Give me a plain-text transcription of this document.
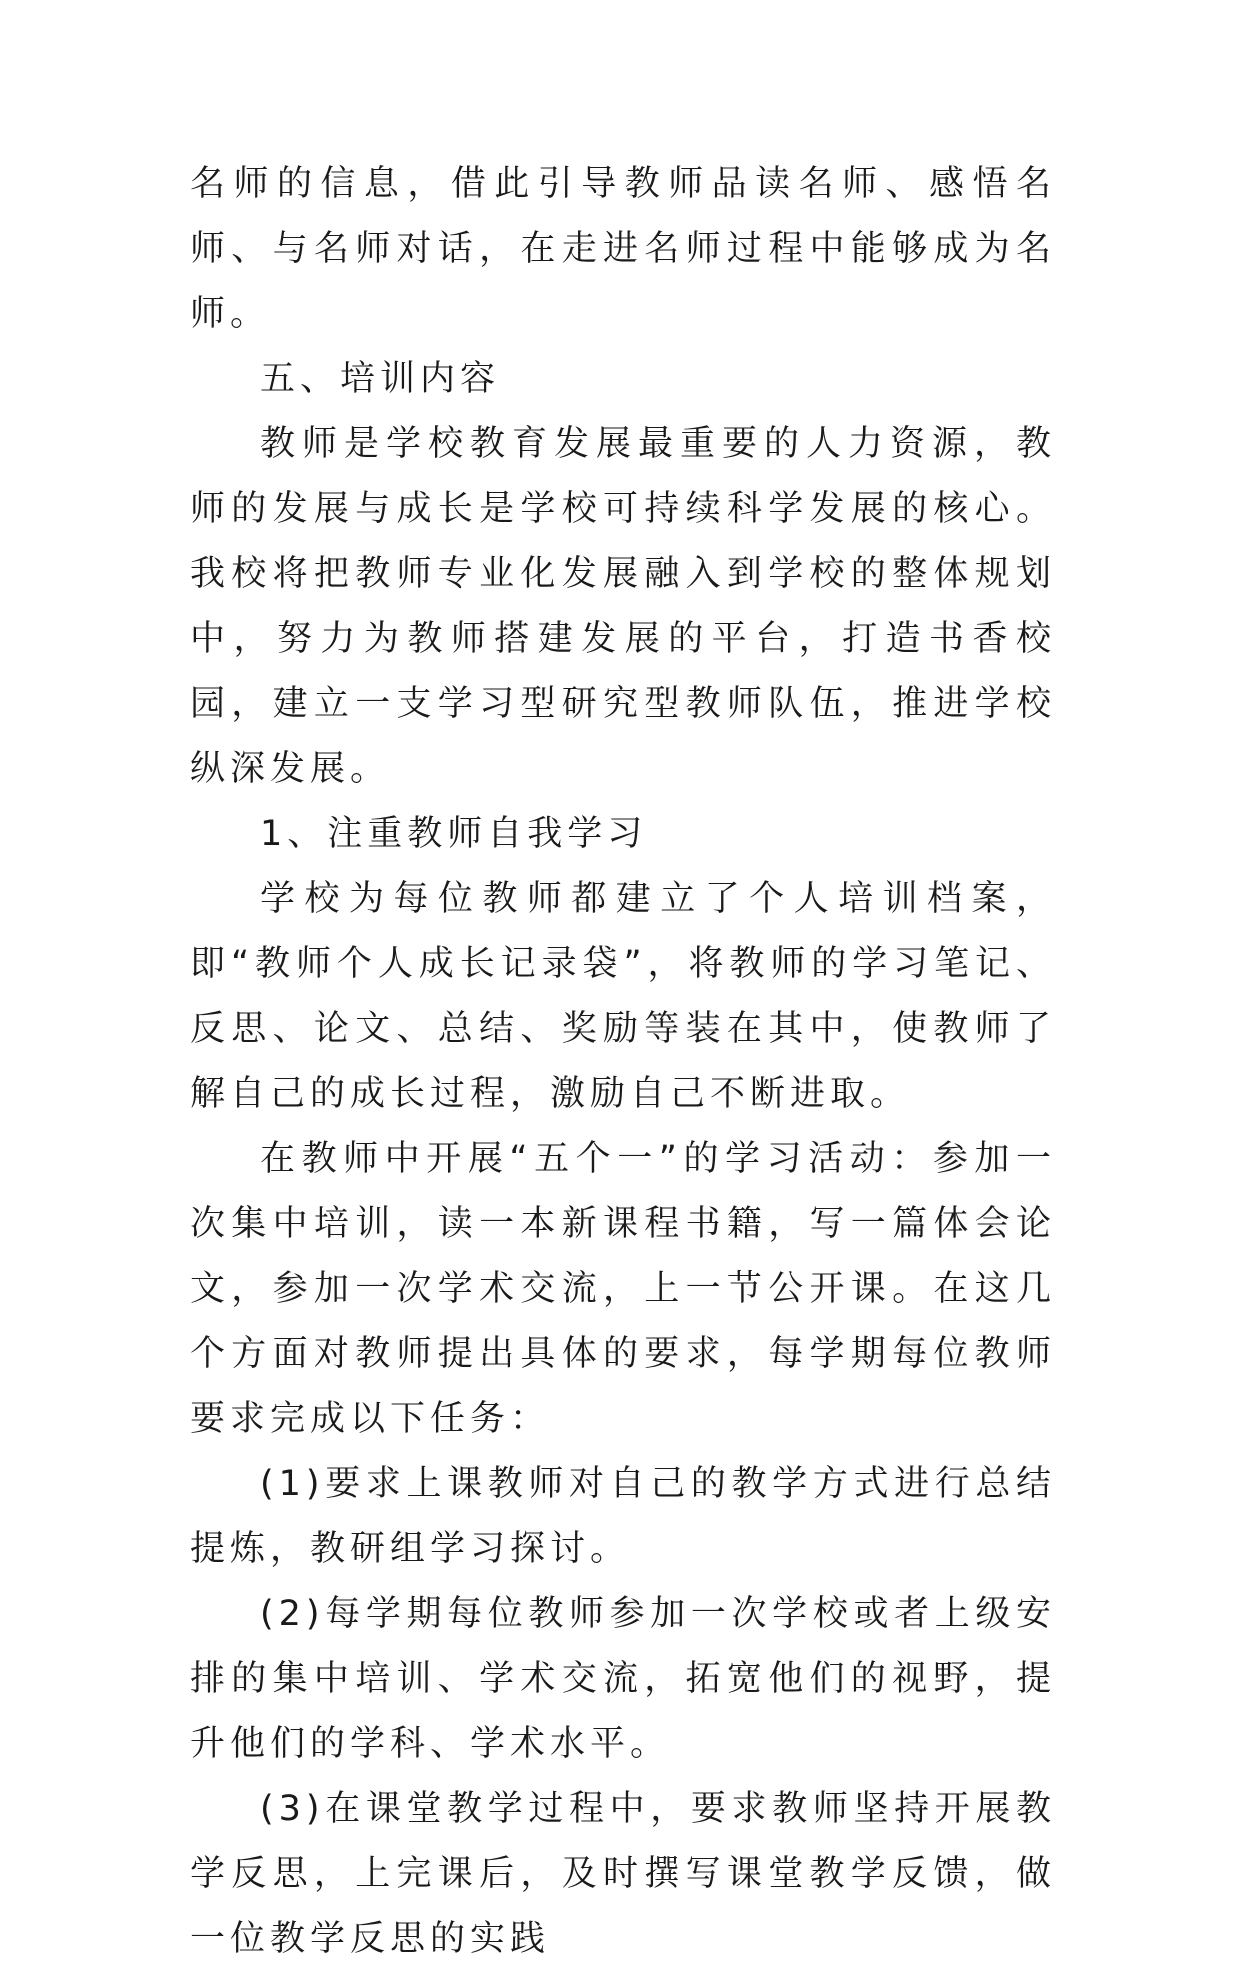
名师的信息，借此引导教师品读名师、感悟名师、与名师对话，在走进名师过程中能够成为名师。

五、培训内容

教师是学校教育发展最重要的人力资源，教师的发展与成长是学校可持续科学发展的核心。我校将把教师专业化发展融入到学校的整体规划中，努力为教师搭建发展的平台，打造书香校园，建立一支学习型研究型教师队伍，推进学校纵深发展。

1、注重教师自我学习

学校为每位教师都建立了个人培训档案，即“教师个人成长记录袋”，将教师的学习笔记、反思、论文、总结、奖励等装在其中，使教师了解自己的成长过程，激励自己不断进取。

在教师中开展“五个一”的学习活动：参加一次集中培训，读一本新课程书籍，写一篇体会论文，参加一次学术交流，上一节公开课。在这几个方面对教师提出具体的要求，每学期每位教师要求完成以下任务：

(1)要求上课教师对自己的教学方式进行总结提炼，教研组学习探讨。

(2)每学期每位教师参加一次学校或者上级安排的集中培训、学术交流，拓宽他们的视野，提升他们的学科、学术水平。

(3)在课堂教学过程中，要求教师坚持开展教学反思，上完课后，及时撰写课堂教学反馈，做一位教学反思的实践
